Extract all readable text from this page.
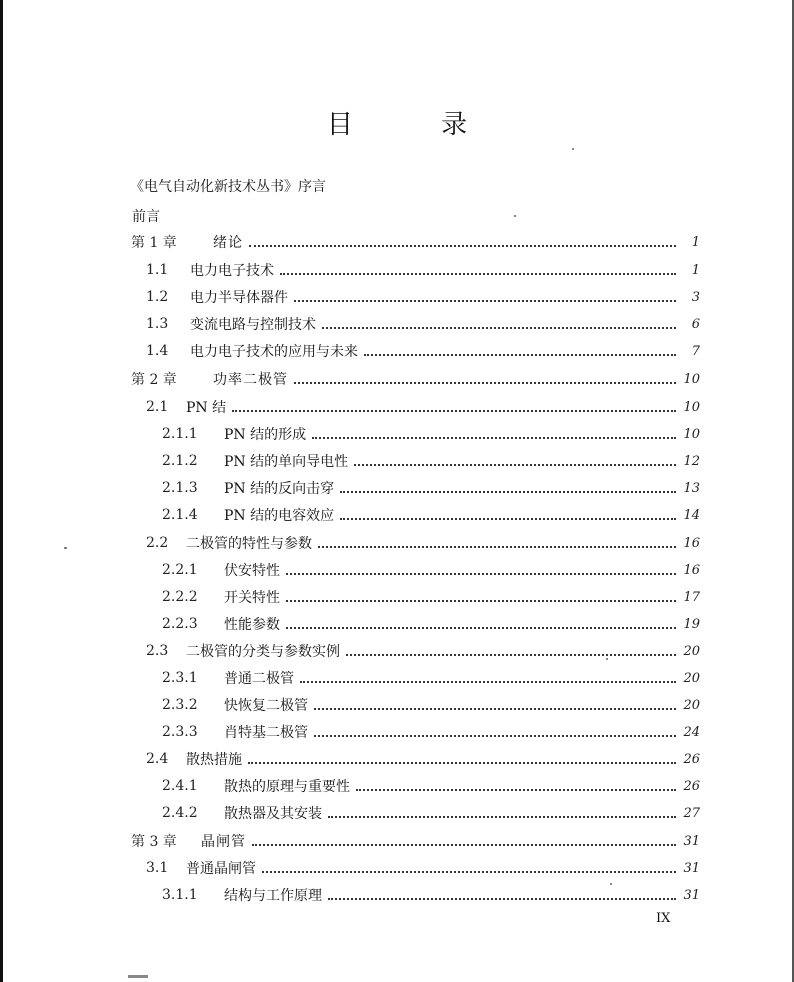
目 录
《电气自动化新技术丛书》序言
前言
第 1 章	绪论	1
1.1	电力电子技术	1
1.2	电力半导体器件	3
1.3	变流电路与控制技术	6
1.4	电力电子技术的应用与未来	7
第 2 章	功率二极管	10
2.1	PN 结	10
2.1.1	PN 结的形成	10
2.1.2	PN 结的单向导电性	12
2.1.3	PN 结的反向击穿	13
2.1.4	PN 结的电容效应	14
2.2	二极管的特性与参数	16
2.2.1	伏安特性	16
2.2.2	开关特性	17
2.2.3	性能参数	19
2.3	二极管的分类与参数实例	20
2.3.1	普通二极管	20
2.3.2	快恢复二极管	20
2.3.3	肖特基二极管	24
2.4	散热措施	26
2.4.1	散热的原理与重要性	26
2.4.2	散热器及其安装	27
第 3 章	晶闸管	31
3.1	普通晶闸管	31
3.1.1	结构与工作原理	31
IX
